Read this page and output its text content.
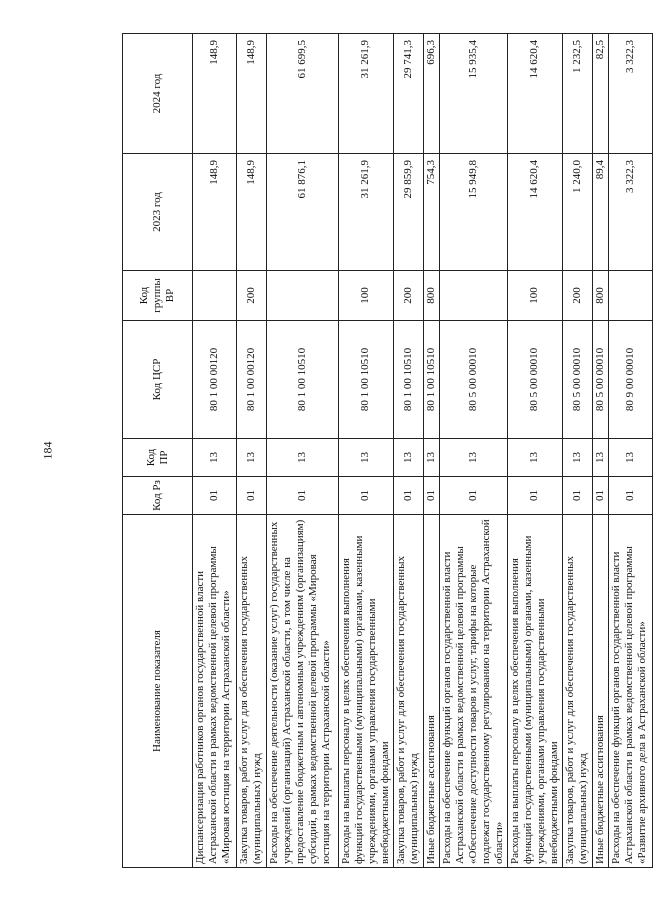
184
Наименование показателя	Код Рз	Код ПР	Код ЦСР	Код группы ВР	2023 год	2024 год
Диспансеризация работников органов государственной власти Астраханской области в рамках ведомственной целевой программы «Мировая юстиция на территории Астраханской области»	01	13	80 1 00 00120		148,9	148,9
Закупка товаров, работ и услуг для обеспечения государственных (муниципальных) нужд	01	13	80 1 00 00120	200	148,9	148,9
Расходы на обеспечение деятельности (оказание услуг) государственных учреждений (организаций) Астраханской области, в том числе на предоставление бюджетным и автономным учреждениям (организациям) субсидий, в рамках ведомственной целевой программы «Мировая юстиция на территории Астраханской области»	01	13	80 1 00 10510		61 876,1	61 699,5
Расходы на выплаты персоналу в целях обеспечения выполнения функций государственными (муниципальными) органами, казенными учреждениями, органами управления государственными внебюджетными фондами	01	13	80 1 00 10510	100	31 261,9	31 261,9
Закупка товаров, работ и услуг для обеспечения государственных (муниципальных) нужд	01	13	80 1 00 10510	200	29 859,9	29 741,3
Иные бюджетные ассигнования	01	13	80 1 00 10510	800	754,3	696,3
Расходы на обеспечение функций органов государственной власти Астраханской области в рамках ведомственной целевой программы «Обеспечение доступности товаров и услуг, тарифы на которые подлежат государственному регулированию на территории Астраханской области»	01	13	80 5 00 00010		15 949,8	15 935,4
Расходы на выплаты персоналу в целях обеспечения выполнения функций государственными (муниципальными) органами, казенными учреждениями, органами управления государственными внебюджетными фондами	01	13	80 5 00 00010	100	14 620,4	14 620,4
Закупка товаров, работ и услуг для обеспечения государственных (муниципальных) нужд	01	13	80 5 00 00010	200	1 240,0	1 232,5
Иные бюджетные ассигнования	01	13	80 5 00 00010	800	89,4	82,5
Расходы на обеспечение функций органов государственной власти Астраханской области в рамках ведомственной целевой программы «Развитие архивного дела в Астраханской области»	01	13	80 9 00 00010		3 322,3	3 322,3
